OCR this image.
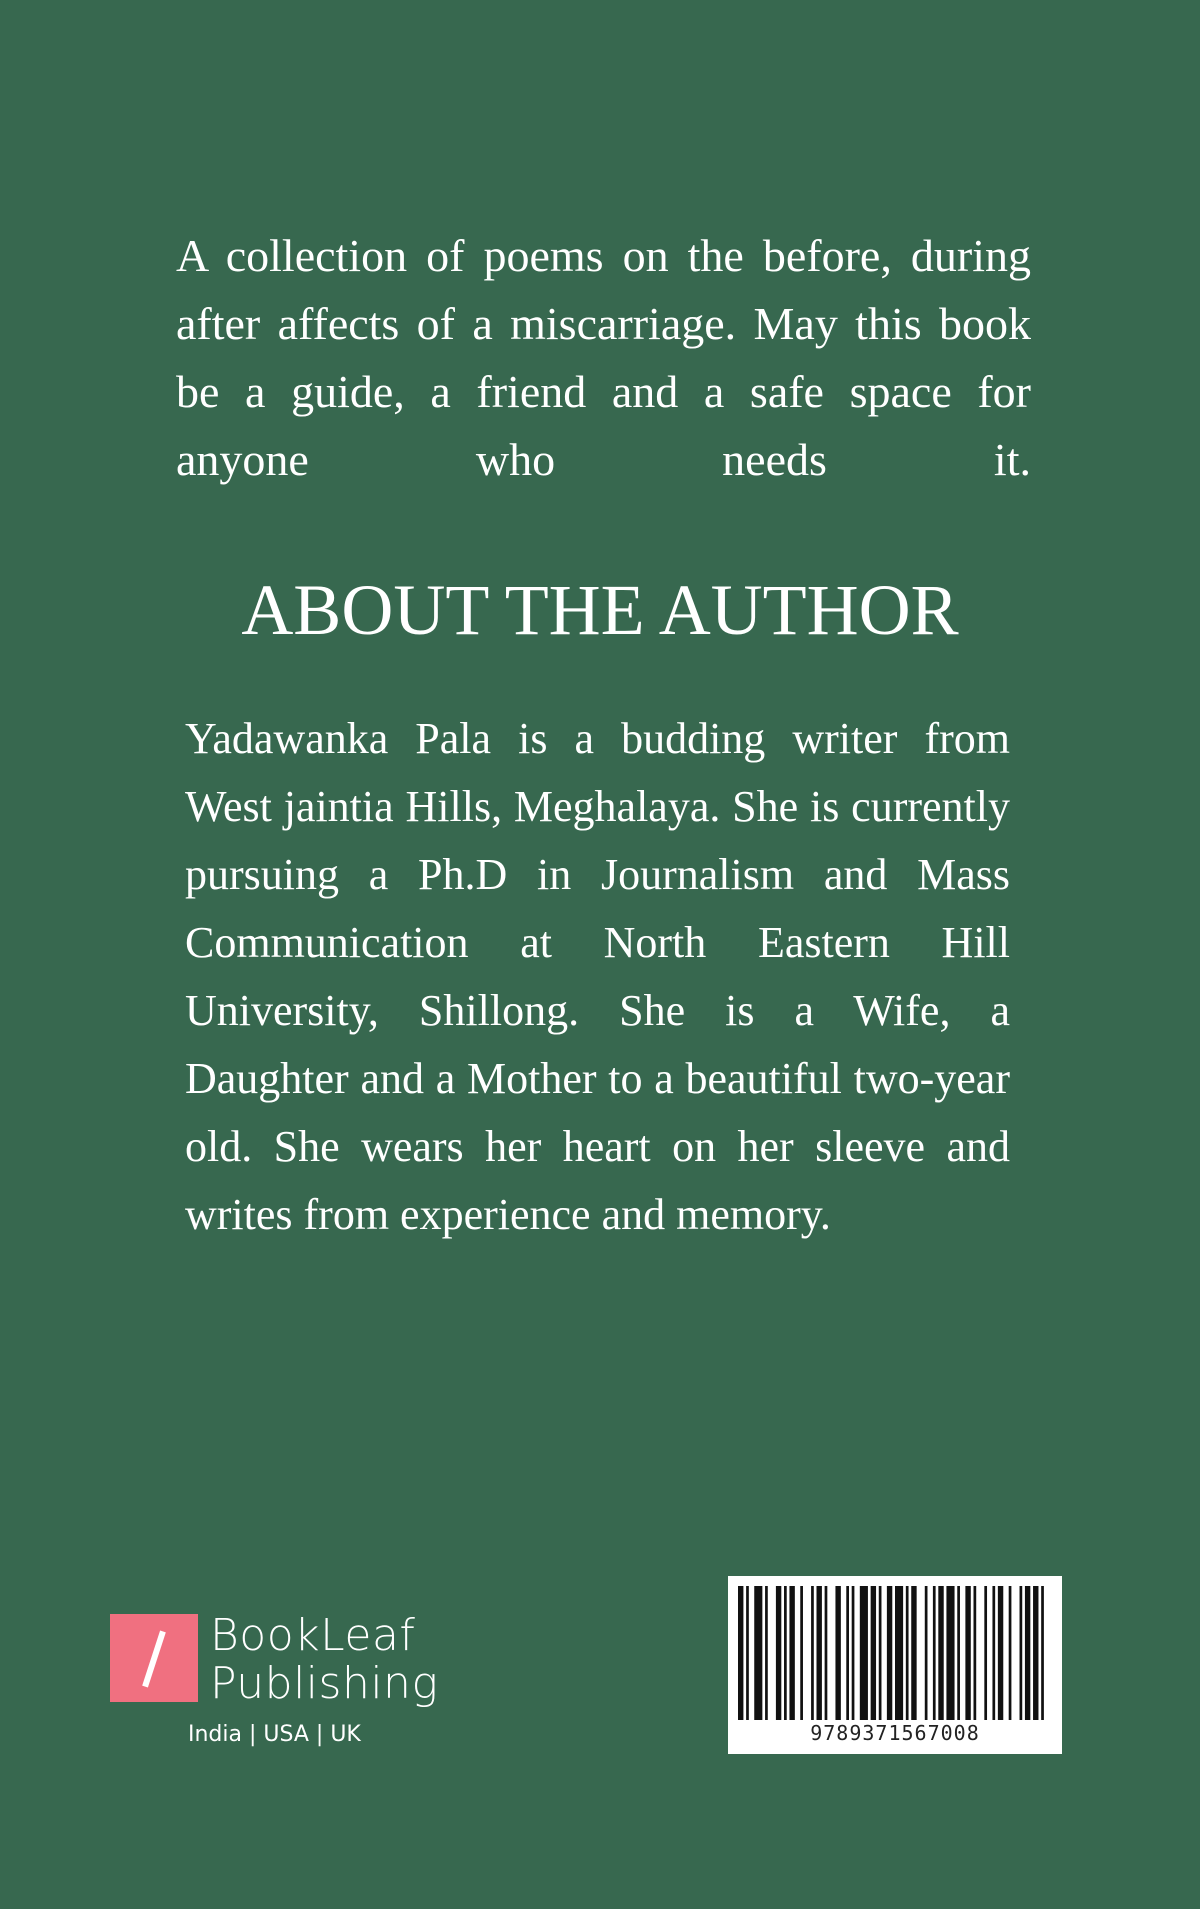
A collection of poems on the before, during after affects of a miscarriage. May this book be a guide, a friend and a safe space for anyone who needs it.

ABOUT THE AUTHOR

Yadawanka Pala is a budding writer from West jaintia Hills, Meghalaya. She is currently pursuing a Ph.D in Journalism and Mass Communication at North Eastern Hill University, Shillong. She is a Wife, a Daughter and a Mother to a beautiful two-year old. She wears her heart on her sleeve and writes from experience and memory.

BookLeaf
Publishing
India | USA | UK	9789371567008
